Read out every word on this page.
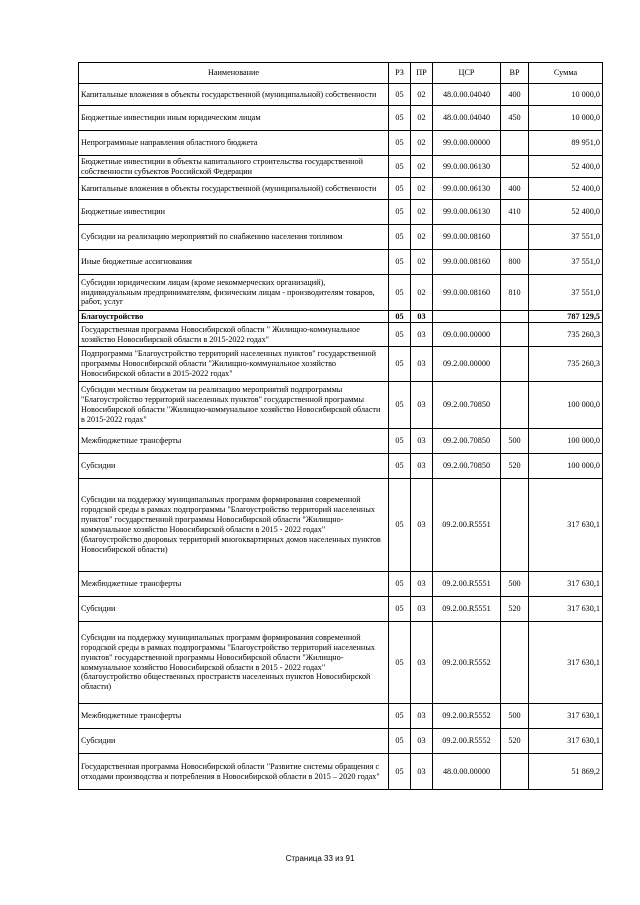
Наименование	РЗ	ПР	ЦСР	ВР	Сумма
Капитальные вложения в объекты государственной (муниципальной) собственности	05	02	48.0.00.04040	400	10 000,0
Бюджетные инвестиции иным юридическим лицам	05	02	48.0.00.04040	450	10 000,0
Непрограммные направления областного бюджета	05	02	99.0.00.00000		89 951,0
Бюджетные инвестиции в объекты капитального строительства государственной собственности субъектов Российской Федерации	05	02	99.0.00.06130		52 400,0
Капитальные вложения в объекты государственной (муниципальной) собственности	05	02	99.0.00.06130	400	52 400,0
Бюджетные инвестиции	05	02	99.0.00.06130	410	52 400,0
Субсидии на реализацию мероприятий по снабжению населения топливом	05	02	99.0.00.08160		37 551,0
Иные бюджетные ассигнования	05	02	99.0.00.08160	800	37 551,0
Субсидии юридическим лицам (кроме некоммерческих организаций), индивидуальным предпринимателям, физическим лицам - производителям товаров, работ, услуг	05	02	99.0.00.08160	810	37 551,0
Благоустройство	05	03			787 129,5
Государственная программа Новосибирской области " Жилищно-коммунальное хозяйство Новосибирской области в 2015-2022 годах"	05	03	09.0.00.00000		735 260,3
Подпрограмма "Благоустройство территорий населенных пунктов" государственной программы Новосибирской области "Жилищно-коммунальное хозяйство Новосибирской области в 2015-2022 годах"	05	03	09.2.00.00000		735 260,3
Субсидии местным бюджетам на реализацию мероприятий подпрограммы "Благоустройство территорий населенных пунктов" государственной программы Новосибирской области "Жилищно-коммунальное хозяйство Новосибирской области в 2015-2022 годах"	05	03	09.2.00.70850		100 000,0
Межбюджетные трансферты	05	03	09.2.00.70850	500	100 000,0
Субсидии	05	03	09.2.00.70850	520	100 000,0
Субсидии на поддержку муниципальных программ формирования современной городской среды в рамках подпрограммы "Благоустройство территорий населенных пунктов" государственной программы Новосибирской области "Жилищно-коммунальное хозяйство Новосибирской области в 2015 - 2022 годах" (благоустройство дворовых территорий многоквартирных домов населенных пунктов Новосибирской области)	05	03	09.2.00.R5551		317 630,1
Межбюджетные трансферты	05	03	09.2.00.R5551	500	317 630,1
Субсидии	05	03	09.2.00.R5551	520	317 630,1
Субсидии на поддержку муниципальных программ формирования современной городской среды в рамках подпрограммы "Благоустройство территорий населенных пунктов" государственной программы Новосибирской области "Жилищно-коммунальное хозяйство Новосибирской области в 2015 - 2022 годах" (благоустройство общественных пространств населенных пунктов Новосибирской области)	05	03	09.2.00.R5552		317 630,1
Межбюджетные трансферты	05	03	09.2.00.R5552	500	317 630,1
Субсидии	05	03	09.2.00.R5552	520	317 630,1
Государственная программа Новосибирской области "Развитие системы обращения с отходами производства и потребления в Новосибирской области в 2015 – 2020 годах"	05	03	48.0.00.00000		51 869,2
Страница 33 из 91
